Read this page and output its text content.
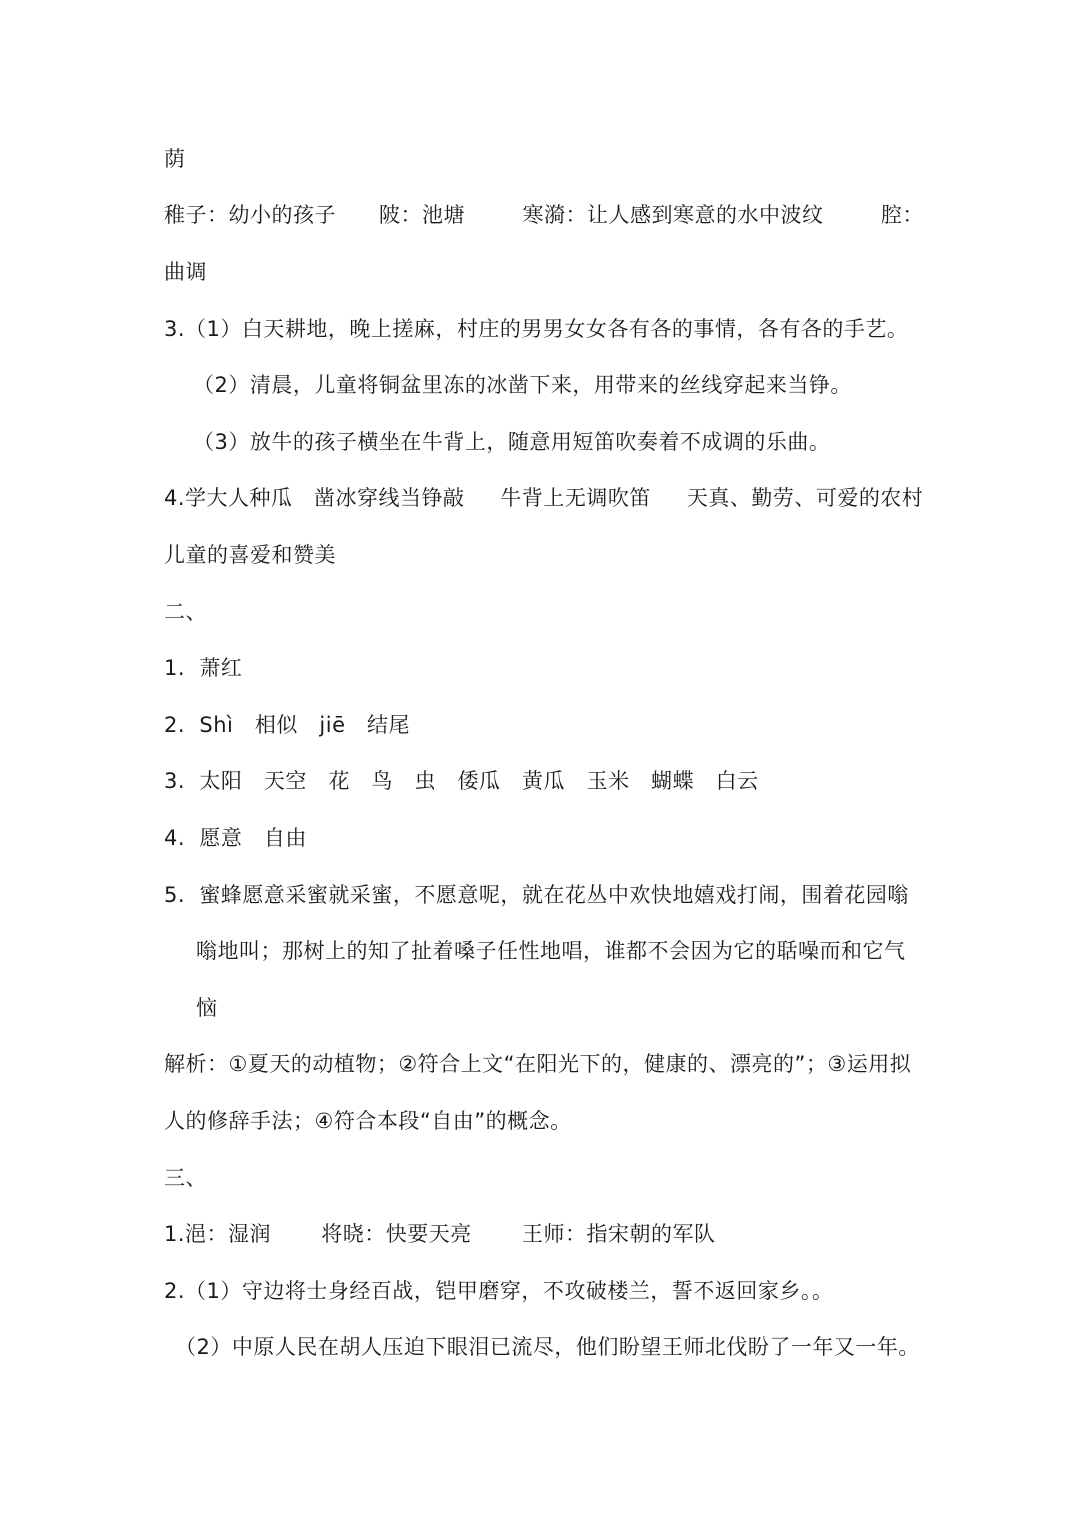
荫
稚子：幼小的孩子      陂：池塘        寒漪：让人感到寒意的水中波纹        腔：
曲调
3.（1）白天耕地，晚上搓麻，村庄的男男女女各有各的事情，各有各的手艺。
（2）清晨，儿童将铜盆里冻的冰凿下来，用带来的丝线穿起来当铮。
（3）放牛的孩子横坐在牛背上，随意用短笛吹奏着不成调的乐曲。
4.学大人种瓜   凿冰穿线当铮敲     牛背上无调吹笛     天真、勤劳、可爱的农村
儿童的喜爱和赞美
二、
1.  萧红
2.  Shì   相似   jiē   结尾
3.  太阳   天空   花   鸟   虫   倭瓜   黄瓜   玉米   蝴蝶   白云
4.  愿意   自由
5.  蜜蜂愿意采蜜就采蜜，不愿意呢，就在花丛中欢快地嬉戏打闹，围着花园嗡
嗡地叫；那树上的知了扯着嗓子任性地唱，谁都不会因为它的聒噪而和它气
恼
解析：①夏天的动植物；②符合上文“在阳光下的，健康的、漂亮的”；③运用拟
人的修辞手法；④符合本段“自由”的概念。
三、
1.浥：湿润       将晓：快要天亮       王师：指宋朝的军队
2.（1）守边将士身经百战，铠甲磨穿，不攻破楼兰，誓不返回家乡。。
（2）中原人民在胡人压迫下眼泪已流尽，他们盼望王师北伐盼了一年又一年。
